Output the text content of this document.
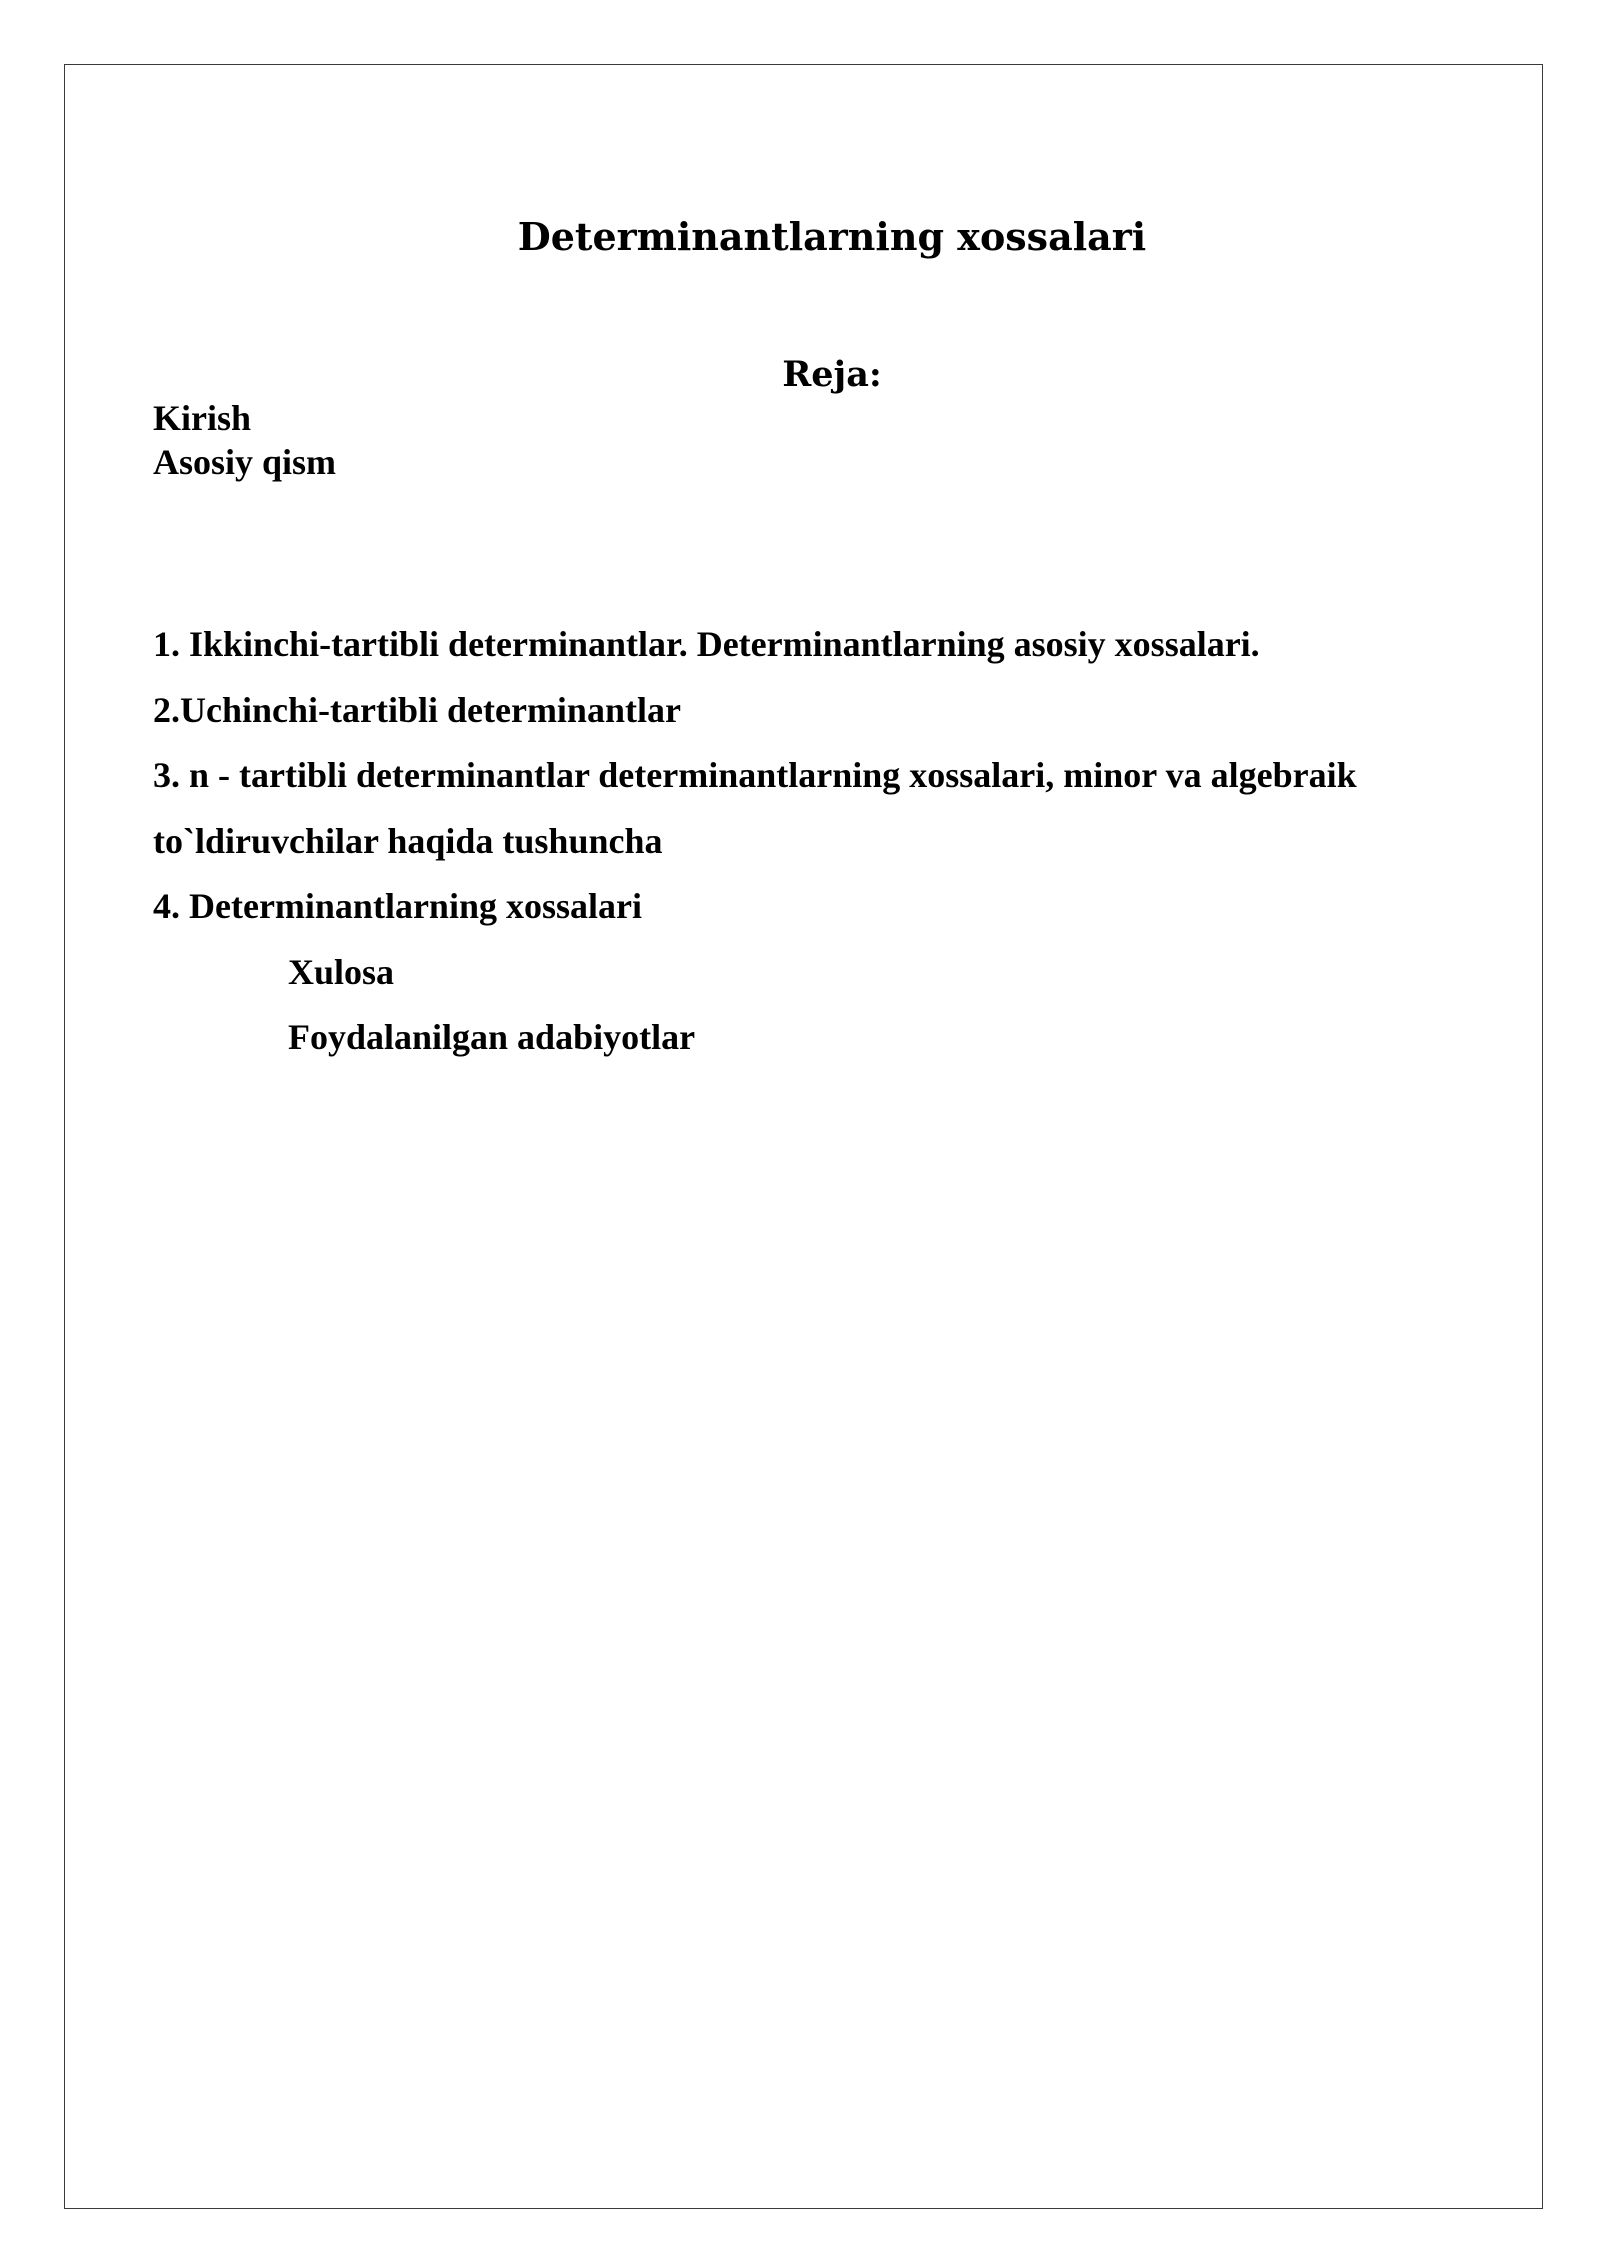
Determinantlarning xossalari
Reja:
Kirish
Asosiy qism
1. Ikkinchi-tartibli determinantlar. Determinantlarning asosiy xossalari.
2.Uchinchi-tartibli determinantlar
3. n - tartibli determinantlar determinantlarning xossalari, minor va algebraik
to`ldiruvchilar haqida tushuncha
4. Determinantlarning xossalari
Xulosa
Foydalanilgan adabiyotlar
